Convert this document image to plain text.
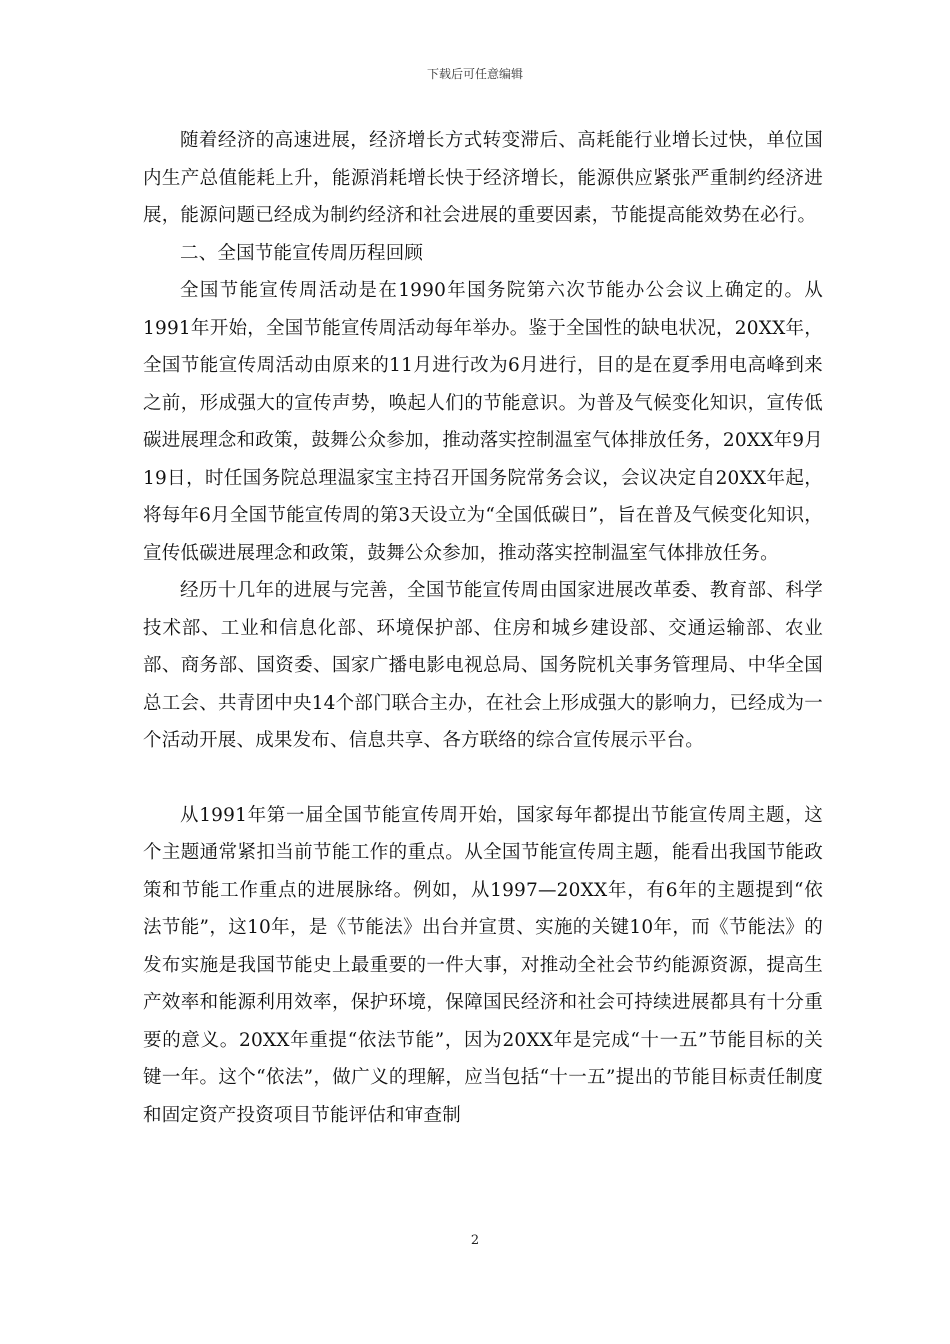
下载后可任意编辑

随着经济的高速进展，经济增长方式转变滞后、高耗能行业增长过快，单位国内生产总值能耗上升，能源消耗增长快于经济增长，能源供应紧张严重制约经济进展，能源问题已经成为制约经济和社会进展的重要因素，节能提高能效势在必行。

二、全国节能宣传周历程回顾

全国节能宣传周活动是在1990年国务院第六次节能办公会议上确定的。从1991年开始，全国节能宣传周活动每年举办。鉴于全国性的缺电状况，20XX年，全国节能宣传周活动由原来的11月进行改为6月进行，目的是在夏季用电高峰到来之前，形成强大的宣传声势，唤起人们的节能意识。为普及气候变化知识，宣传低碳进展理念和政策，鼓舞公众参加，推动落实控制温室气体排放任务，20XX年9月19日，时任国务院总理温家宝主持召开国务院常务会议，会议决定自20XX年起，将每年6月全国节能宣传周的第3天设立为“全国低碳日”，旨在普及气候变化知识，宣传低碳进展理念和政策，鼓舞公众参加，推动落实控制温室气体排放任务。

经历十几年的进展与完善，全国节能宣传周由国家进展改革委、教育部、科学技术部、工业和信息化部、环境保护部、住房和城乡建设部、交通运输部、农业部、商务部、国资委、国家广播电影电视总局、国务院机关事务管理局、中华全国总工会、共青团中央14个部门联合主办，在社会上形成强大的影响力，已经成为一个活动开展、成果发布、信息共享、各方联络的综合宣传展示平台。

从1991年第一届全国节能宣传周开始，国家每年都提出节能宣传周主题，这个主题通常紧扣当前节能工作的重点。从全国节能宣传周主题，能看出我国节能政策和节能工作重点的进展脉络。例如，从1997—20XX年，有6年的主题提到“依法节能”，这10年，是《节能法》出台并宣贯、实施的关键10年，而《节能法》的发布实施是我国节能史上最重要的一件大事，对推动全社会节约能源资源，提高生产效率和能源利用效率，保护环境，保障国民经济和社会可持续进展都具有十分重要的意义。20XX年重提“依法节能”，因为20XX年是完成“十一五”节能目标的关键一年。这个“依法”，做广义的理解，应当包括“十一五”提出的节能目标责任制度和固定资产投资项目节能评估和审查制

2
